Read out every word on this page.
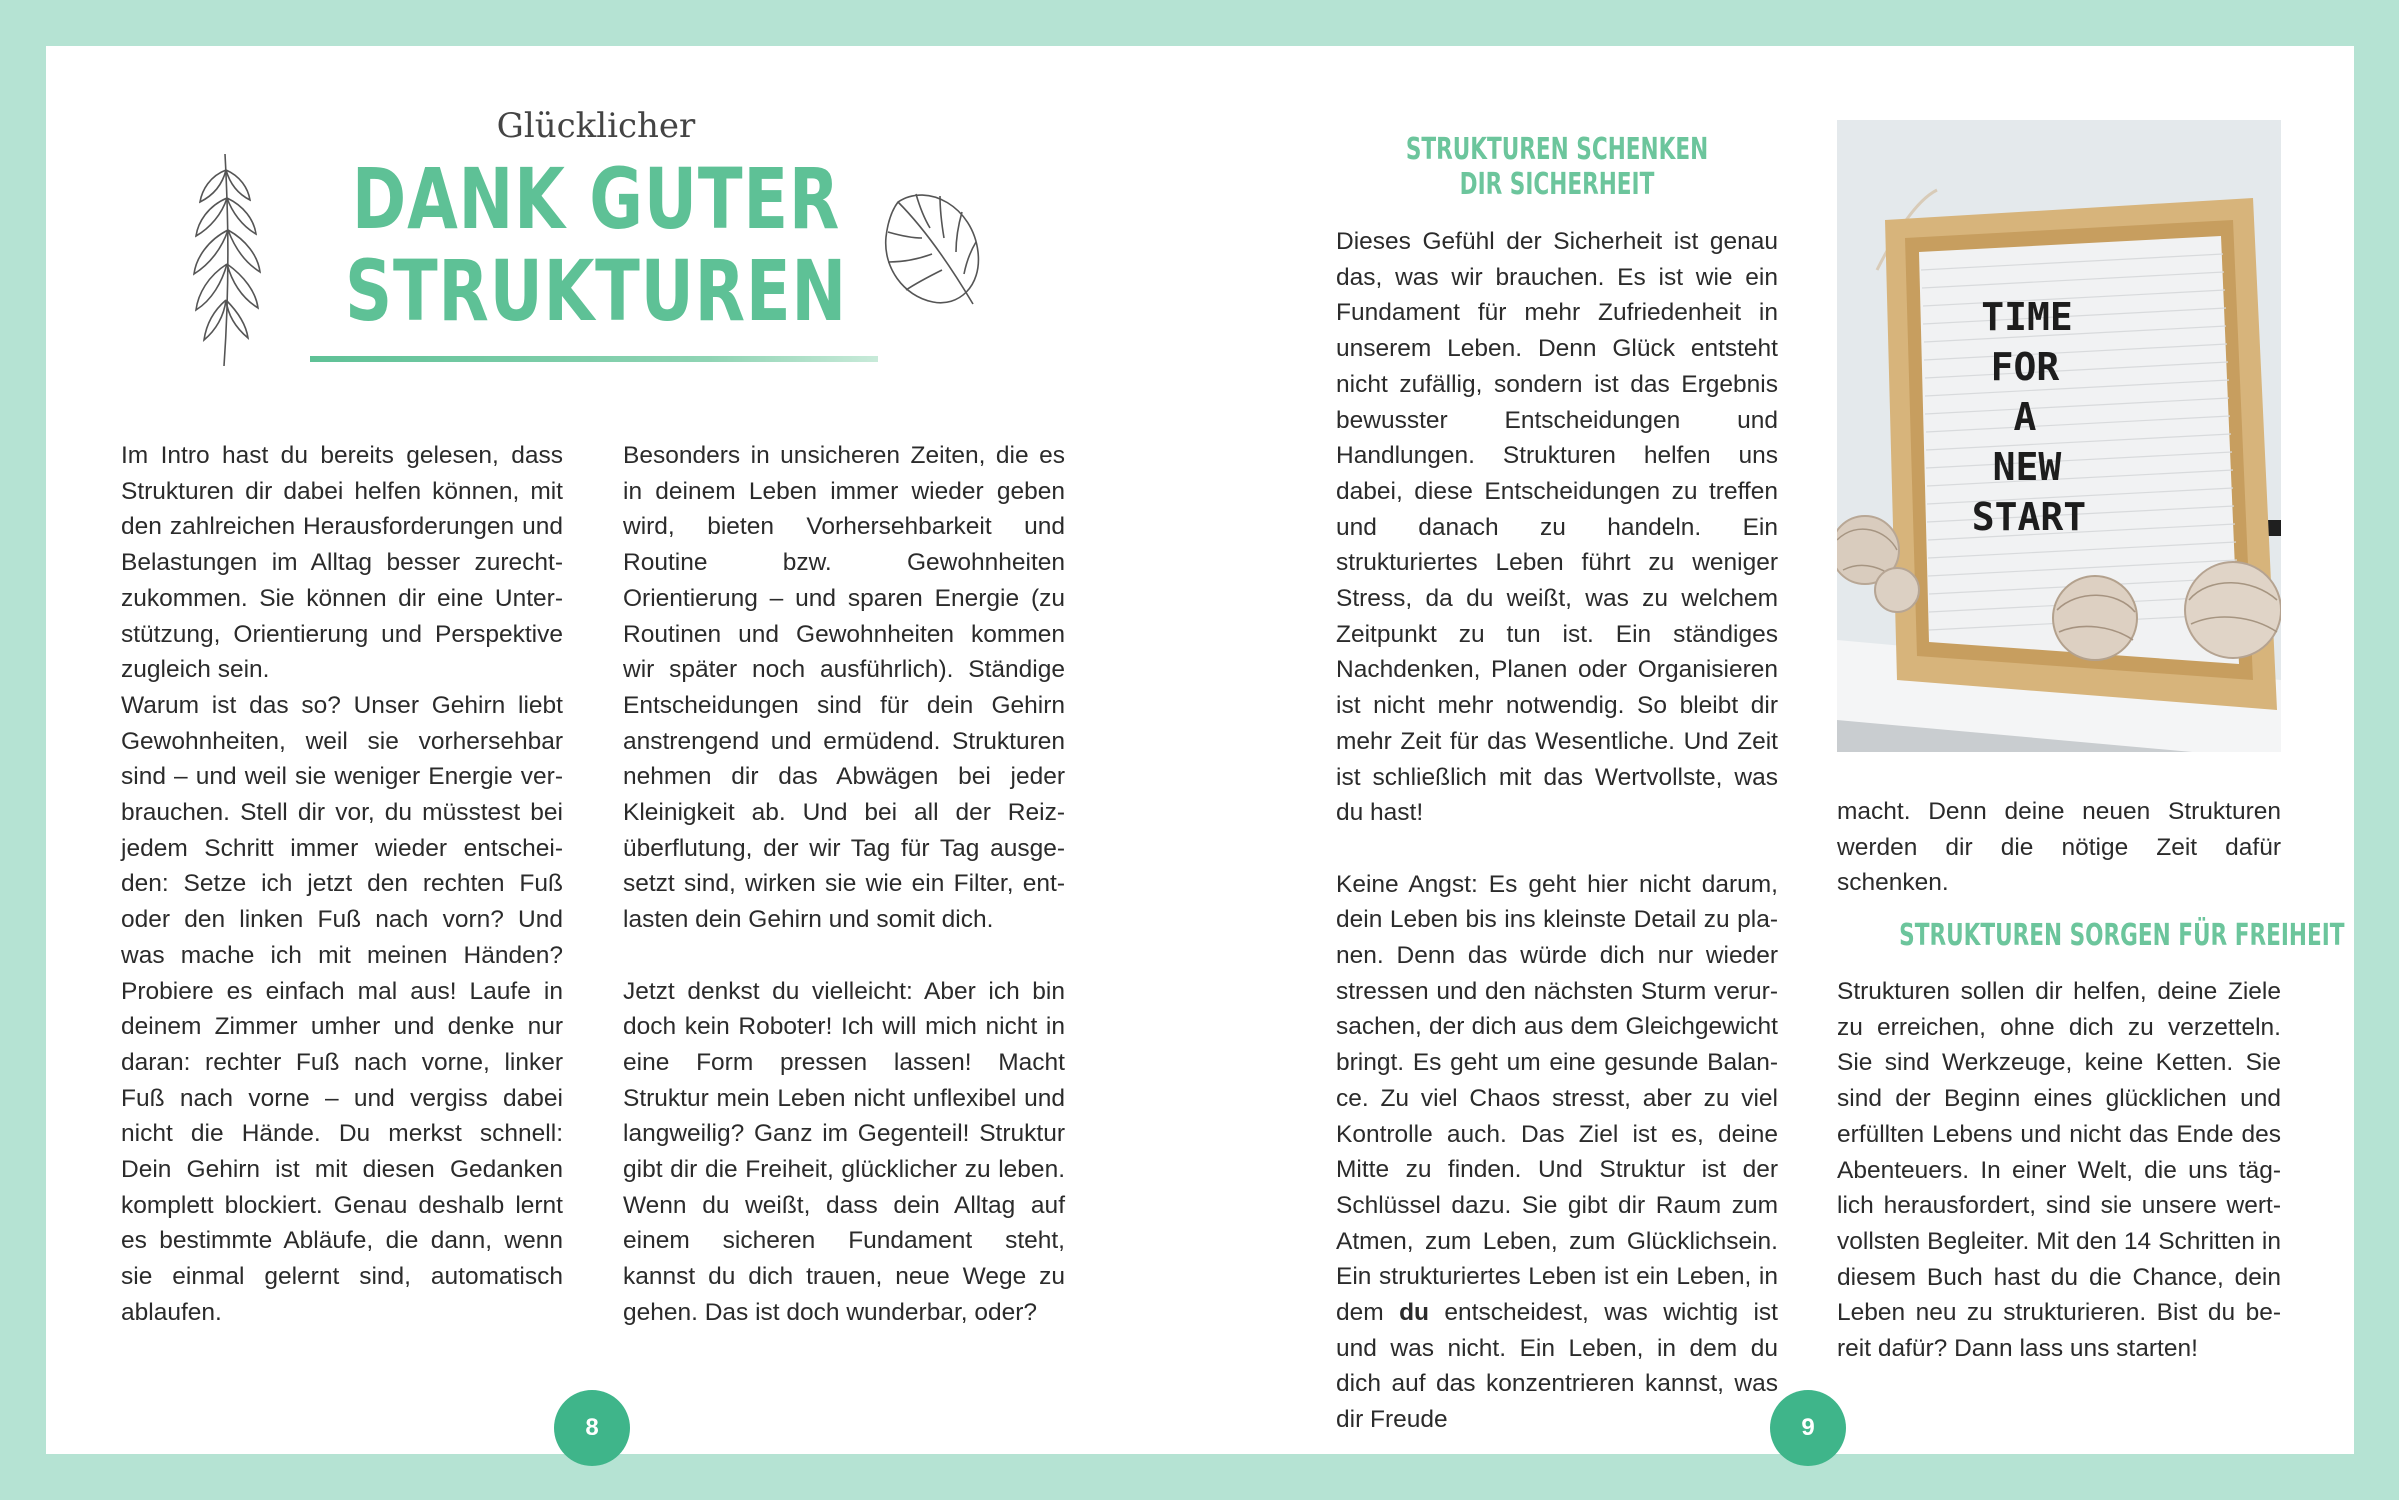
Glücklicher
DANK GUTER
STRUKTUREN

Im Intro hast du bereits gelesen, dass Strukturen dir dabei helfen können, mit den zahlreichen Herausforderungen und Belastungen im Alltag besser zurechtzukommen. Sie können dir eine Unterstützung, Orientierung und Perspektive zugleich sein.

Warum ist das so? Unser Gehirn liebt Gewohnheiten, weil sie vorhersehbar sind – und weil sie weniger Energie verbrauchen. Stell dir vor, du müsstest bei jedem Schritt immer wieder entscheiden: Setze ich jetzt den rechten Fuß oder den linken Fuß nach vorn? Und was mache ich mit meinen Händen? Probiere es einfach mal aus! Laufe in deinem Zimmer umher und denke nur daran: rechter Fuß nach vorne, linker Fuß nach vorne – und vergiss dabei nicht die Hände. Du merkst schnell: Dein Gehirn ist mit diesen Gedanken komplett blockiert. Genau deshalb lernt es bestimmte Abläufe, die dann, wenn sie einmal gelernt sind, automatisch ablaufen.

Besonders in unsicheren Zeiten, die es in deinem Leben immer wieder geben wird, bieten Vorhersehbarkeit und Routine bzw. Gewohnheiten Orientierung – und sparen Energie (zu Routinen und Gewohnheiten kommen wir später noch ausführlich). Ständige Entscheidungen sind für dein Gehirn anstrengend und ermüdend. Strukturen nehmen dir das Abwägen bei jeder Kleinigkeit ab. Und bei all der Reizüberflutung, der wir Tag für Tag ausgesetzt sind, wirken sie wie ein Filter, entlasten dein Gehirn und somit dich.

Jetzt denkst du vielleicht: Aber ich bin doch kein Roboter! Ich will mich nicht in eine Form pressen lassen! Macht Struktur mein Leben nicht unflexibel und langweilig? Ganz im Gegenteil! Struktur gibt dir die Freiheit, glücklicher zu leben. Wenn du weißt, dass dein Alltag auf einem sicheren Fundament steht, kannst du dich trauen, neue Wege zu gehen. Das ist doch wunderbar, oder?

8
STRUKTUREN SCHENKEN
DIR SICHERHEIT

Dieses Gefühl der Sicherheit ist genau das, was wir brauchen. Es ist wie ein Fundament für mehr Zufriedenheit in unserem Leben. Denn Glück entsteht nicht zufällig, sondern ist das Ergebnis bewusster Entscheidungen und Handlungen. Strukturen helfen uns dabei, diese Entscheidungen zu treffen und danach zu handeln. Ein strukturiertes Leben führt zu weniger Stress, da du weißt, was zu welchem Zeitpunkt zu tun ist. Ein ständiges Nachdenken, Planen oder Organisieren ist nicht mehr notwendig. So bleibt dir mehr Zeit für das Wesentliche. Und Zeit ist schließlich mit das Wertvollste, was du hast!

Keine Angst: Es geht hier nicht darum, dein Leben bis ins kleinste Detail zu planen. Denn das würde dich nur wieder stressen und den nächsten Sturm verursachen, der dich aus dem Gleichgewicht bringt. Es geht um eine gesunde Balance. Zu viel Chaos stresst, aber zu viel Kontrolle auch. Das Ziel ist es, deine Mitte zu finden. Und Struktur ist der Schlüssel dazu. Sie gibt dir Raum zum Atmen, zum Leben, zum Glücklichsein. Ein strukturiertes Leben ist ein Leben, in dem du entscheidest, was wichtig ist und was nicht. Ein Leben, in dem du dich auf das konzentrieren kannst, was dir Freude

TIME
FOR
A
NEW
START

macht. Denn deine neuen Strukturen werden dir die nötige Zeit dafür schenken.

STRUKTUREN SORGEN FÜR FREIHEIT

Strukturen sollen dir helfen, deine Ziele zu erreichen, ohne dich zu verzetteln. Sie sind Werkzeuge, keine Ketten. Sie sind der Beginn eines glücklichen und erfüllten Lebens und nicht das Ende des Abenteuers. In einer Welt, die uns täglich herausfordert, sind sie unsere wertvollsten Begleiter. Mit den 14 Schritten in diesem Buch hast du die Chance, dein Leben neu zu strukturieren. Bist du bereit dafür? Dann lass uns starten!

9
